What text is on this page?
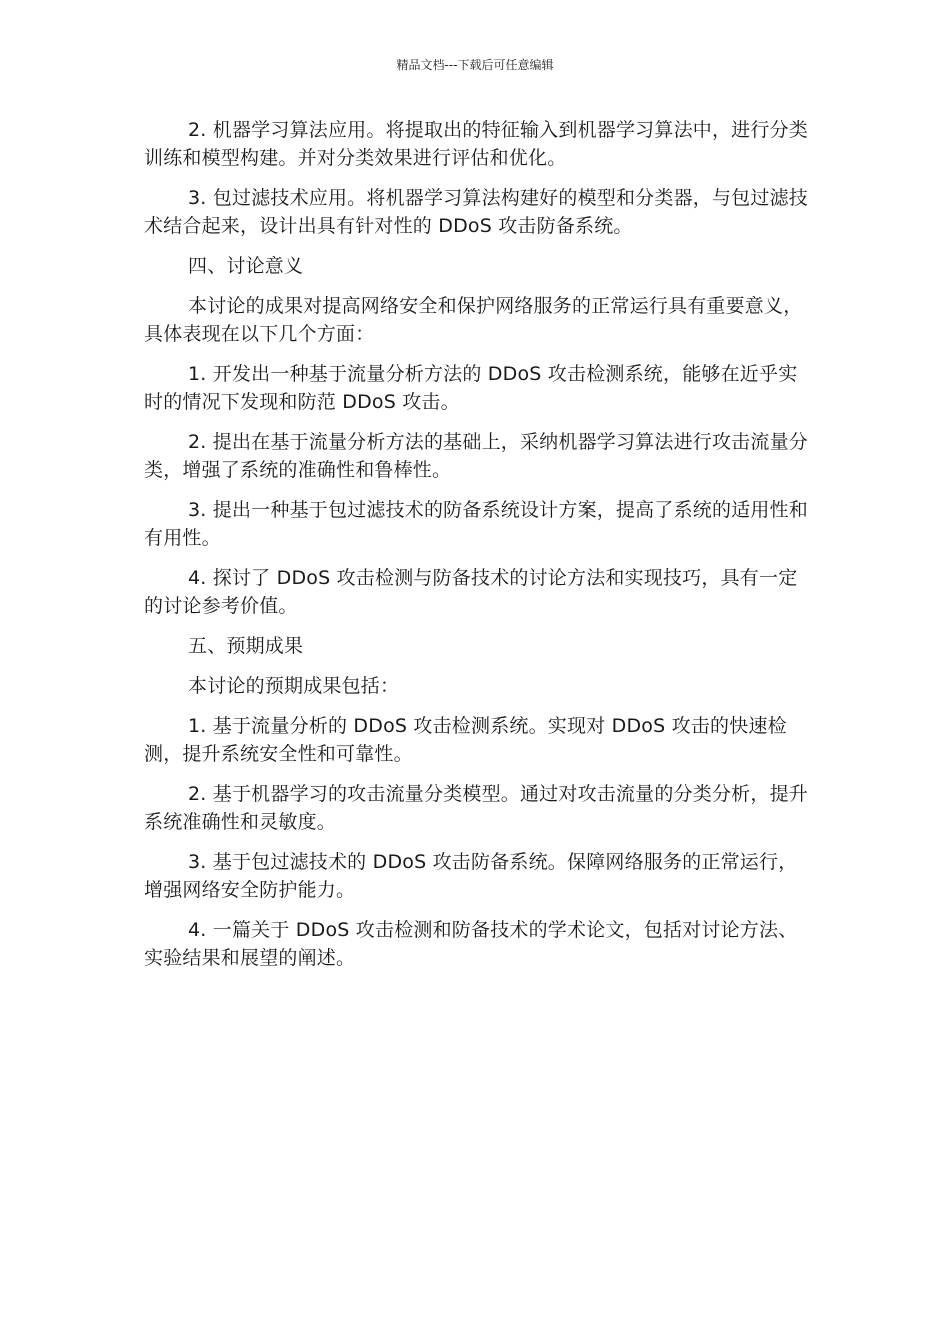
精品文档---下载后可任意编辑

2. 机器学习算法应用。将提取出的特征输入到机器学习算法中，进行分类训练和模型构建。并对分类效果进行评估和优化。

3. 包过滤技术应用。将机器学习算法构建好的模型和分类器，与包过滤技术结合起来，设计出具有针对性的 DDoS 攻击防备系统。

四、讨论意义

本讨论的成果对提高网络安全和保护网络服务的正常运行具有重要意义，具体表现在以下几个方面：

1. 开发出一种基于流量分析方法的 DDoS 攻击检测系统，能够在近乎实时的情况下发现和防范 DDoS 攻击。

2. 提出在基于流量分析方法的基础上，采纳机器学习算法进行攻击流量分类，增强了系统的准确性和鲁棒性。

3. 提出一种基于包过滤技术的防备系统设计方案，提高了系统的适用性和有用性。

4. 探讨了 DDoS 攻击检测与防备技术的讨论方法和实现技巧，具有一定的讨论参考价值。

五、预期成果

本讨论的预期成果包括：

1. 基于流量分析的 DDoS 攻击检测系统。实现对 DDoS 攻击的快速检测，提升系统安全性和可靠性。

2. 基于机器学习的攻击流量分类模型。通过对攻击流量的分类分析，提升系统准确性和灵敏度。

3. 基于包过滤技术的 DDoS 攻击防备系统。保障网络服务的正常运行，增强网络安全防护能力。

4. 一篇关于 DDoS 攻击检测和防备技术的学术论文，包括对讨论方法、实验结果和展望的阐述。
